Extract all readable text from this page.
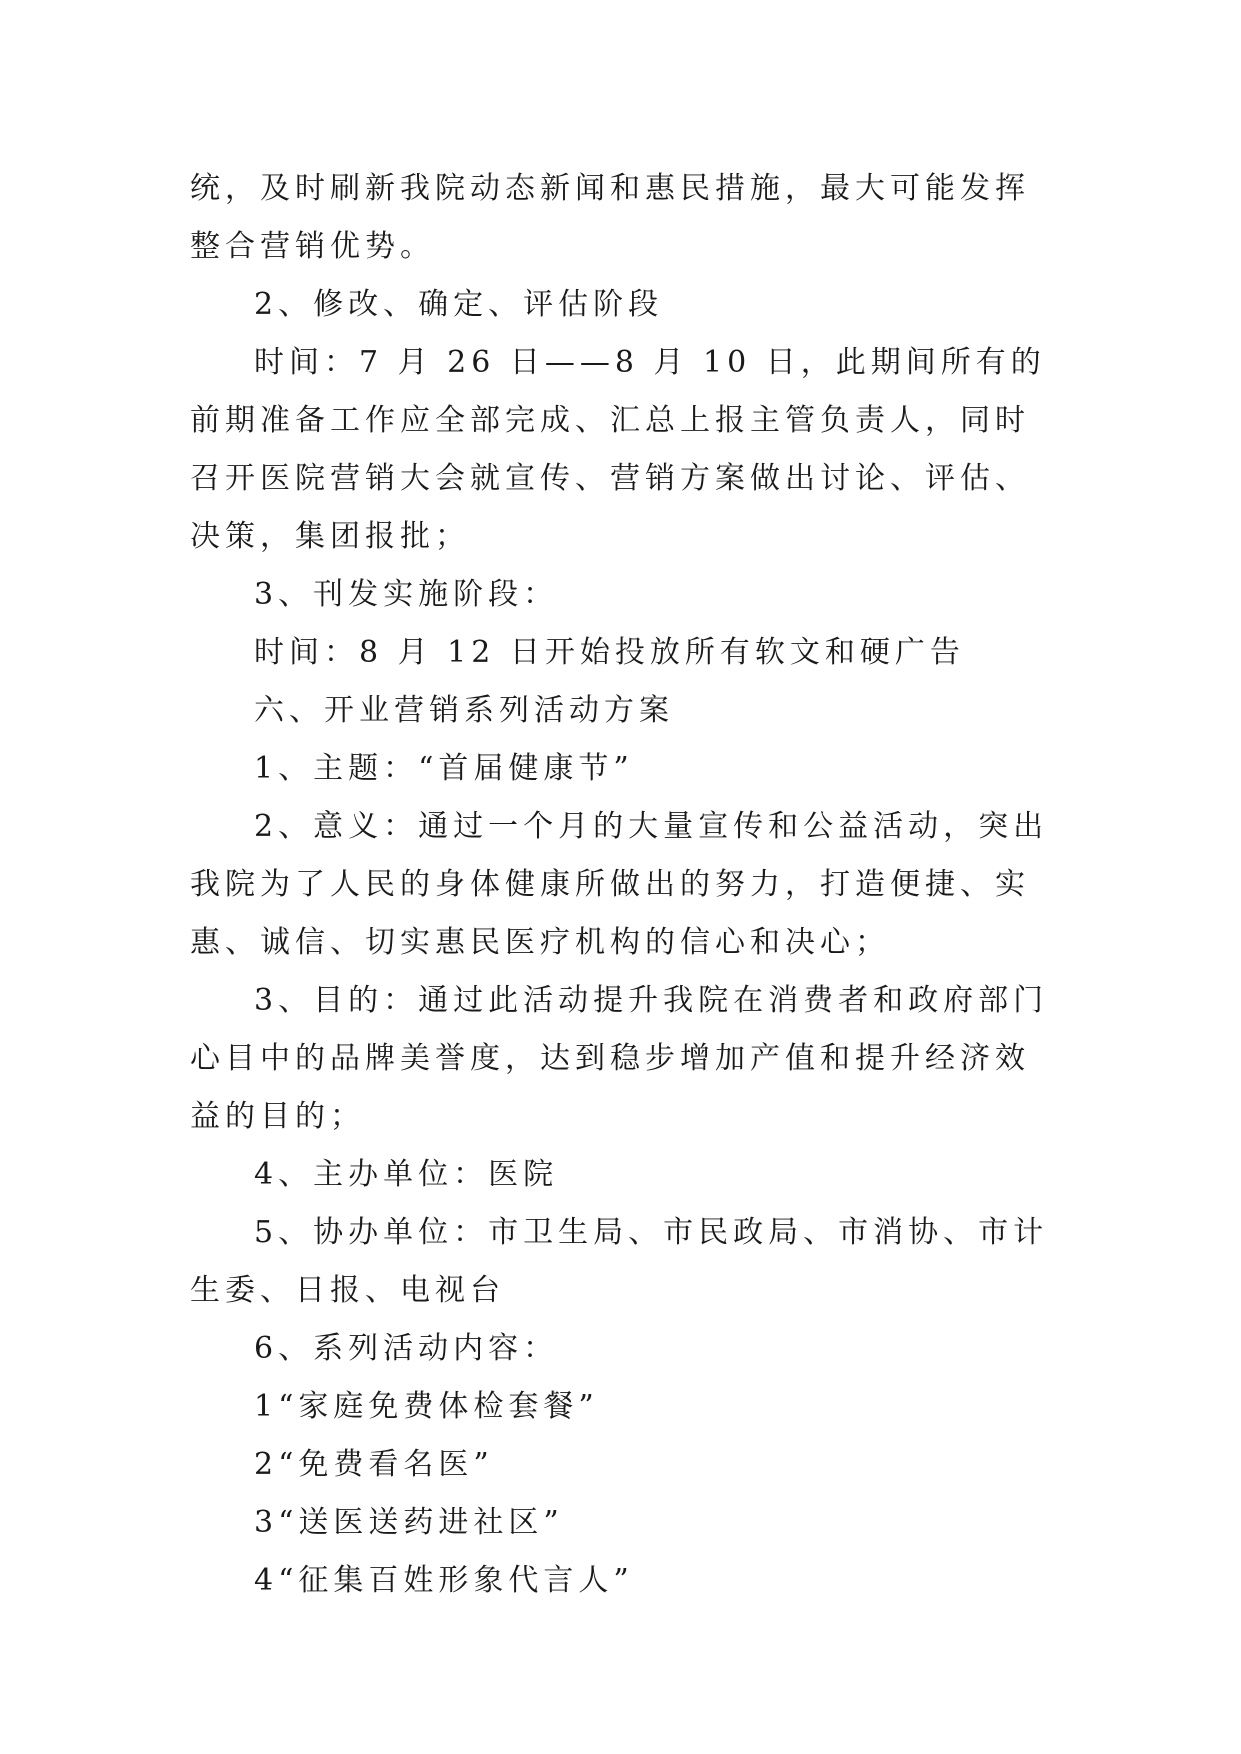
统，及时刷新我院动态新闻和惠民措施，最大可能发挥整合营销优势。

2、修改、确定、评估阶段

时间：7 月 26 日——8 月 10 日，此期间所有的前期准备工作应全部完成、汇总上报主管负责人，同时召开医院营销大会就宣传、营销方案做出讨论、评估、决策，集团报批；

3、刊发实施阶段：

时间：8 月 12 日开始投放所有软文和硬广告

六、开业营销系列活动方案

1、主题：“首届健康节”

2、意义：通过一个月的大量宣传和公益活动，突出我院为了人民的身体健康所做出的努力，打造便捷、实惠、诚信、切实惠民医疗机构的信心和决心；

3、目的：通过此活动提升我院在消费者和政府部门心目中的品牌美誉度，达到稳步增加产值和提升经济效益的目的；

4、主办单位：医院

5、协办单位：市卫生局、市民政局、市消协、市计生委、日报、电视台

6、系列活动内容：

1“家庭免费体检套餐”

2“免费看名医”

3“送医送药进社区”

4“征集百姓形象代言人”
